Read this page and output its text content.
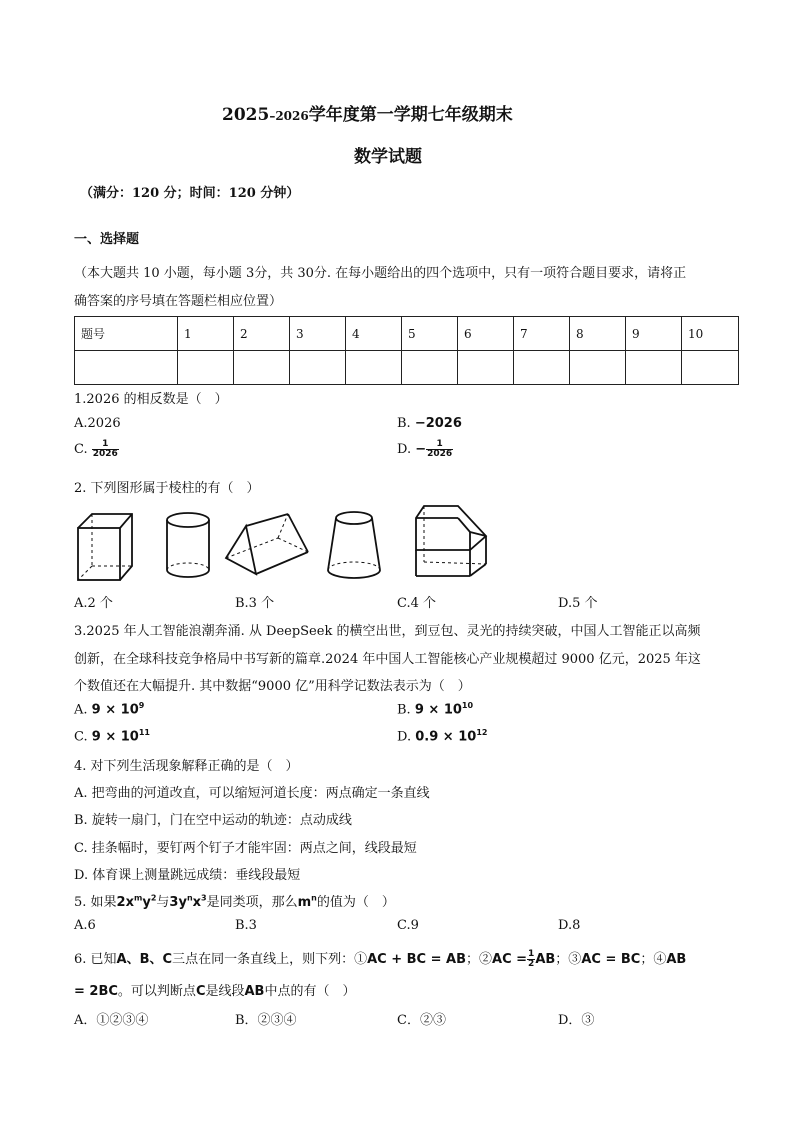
2025–2026学年度第一学期七年级期末
数学试题
（满分：120 分；时间：120 分钟）
一、选择题
（本大题共 10 小题，每小题 3分，共 30分. 在每小题给出的四个选项中，只有一项符合题目要求，请将正
确答案的序号填在答题栏相应位置）
题号	1	2	3	4	5	6	7	8	9	10

1.2026 的相反数是（　）
A.2026	B. −2026
C. $\frac{1}{2026}$	D. − $\frac{1}{2026}$
2. 下列图形属于棱柱的有（　）
A.2 个	B.3 个	C.4 个	D.5 个
3.2025 年人工智能浪潮奔涌. 从 DeepSeek 的横空出世，到豆包、灵光的持续突破，中国人工智能正以高频
创新，在全球科技竞争格局中书写新的篇章.2024 年中国人工智能核心产业规模超过 9000 亿元，2025 年这
个数值还在大幅提升. 其中数据“9000 亿”用科学记数法表示为（　）
A. $9 \times 10^9$	B. $9 \times 10^{10}$
C. $9 \times 10^{11}$	D. $0.9 \times 10^{12}$
4. 对下列生活现象解释正确的是（　）
A. 把弯曲的河道改直，可以缩短河道长度：两点确定一条直线
B. 旋转一扇门，门在空中运动的轨迹：点动成线
C. 挂条幅时，要钉两个钉子才能牢固：两点之间，线段最短
D. 体育课上测量跳远成绩：垂线段最短
5. 如果$2x^my^2$与$3y^nx^3$是同类项，那么$m^n$的值为（　）
A.6	B.3	C.9	D.8
6. 已知A、B、C三点在同一条直线上，则下列：①AC + BC = AB；②AC = $\frac{1}{2}$ AB；③AC = BC；④AB
= 2BC。可以判断点C是线段AB中点的有（　）
A．①②③④	B．②③④	C．②③	D．③
